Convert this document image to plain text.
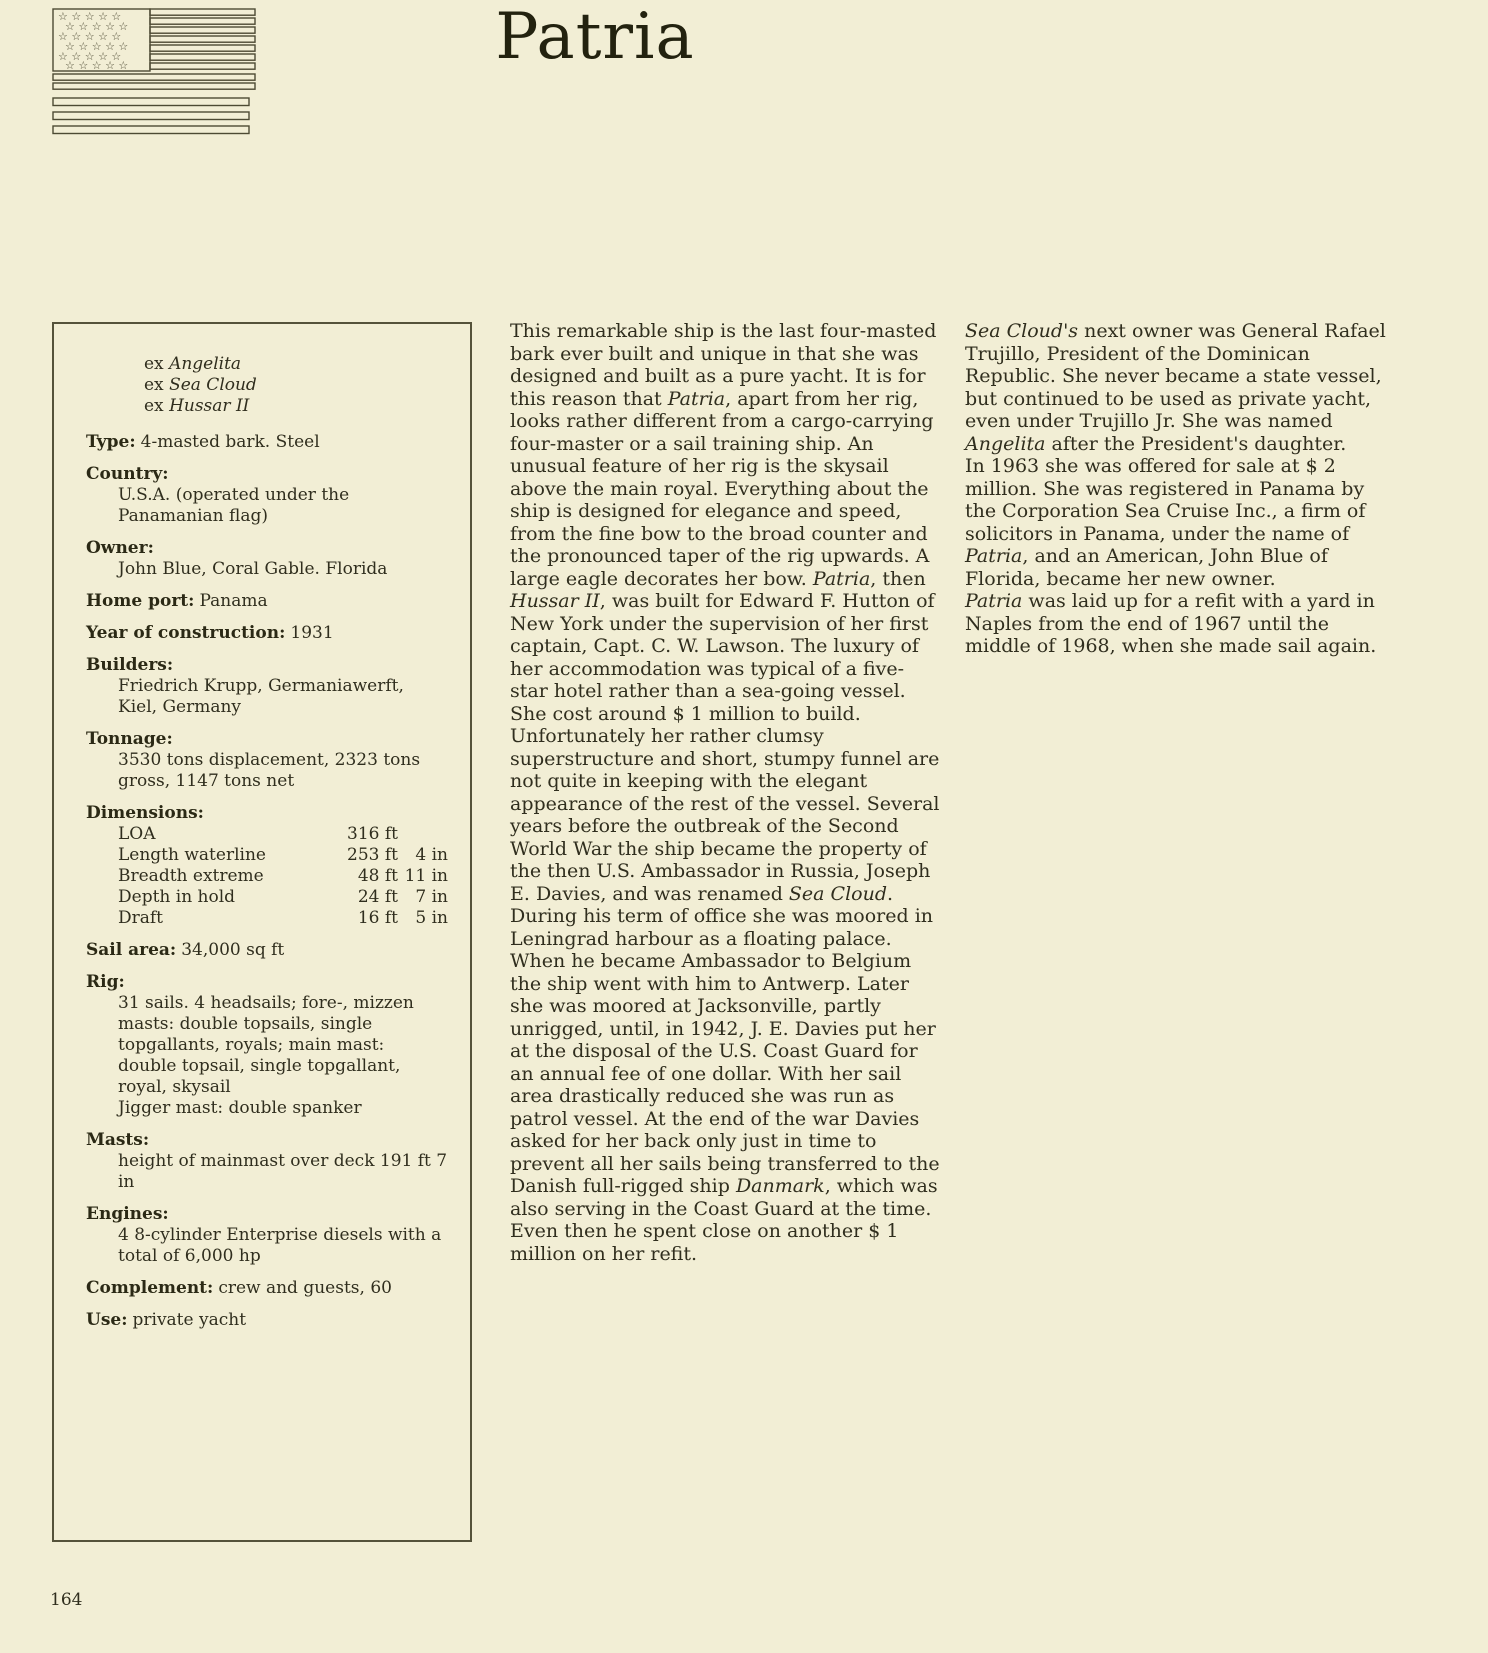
☆ ☆ ☆ ☆ ☆
☆ ☆ ☆ ☆ ☆
☆ ☆ ☆ ☆ ☆
☆ ☆ ☆ ☆ ☆
☆ ☆ ☆ ☆ ☆
☆ ☆ ☆ ☆ ☆	Patria
ex Angelita
ex Sea Cloud
ex Hussar II
Type: 4-masted bark. Steel
Country:
U.S.A. (operated under the Panamanian flag)
Owner:
John Blue, Coral Gable. Florida
Home port: Panama
Year of construction: 1931
Builders:
Friedrich Krupp, Germaniawerft, Kiel, Germany
Tonnage:
3530 tons displacement, 2323 tons gross, 1147 tons net
Dimensions:
LOA	316 ft
Length waterline	253 ft	4 in
Breadth extreme	48 ft 11 in
Depth in hold	24 ft	7 in
Draft	16 ft	5 in
Sail area: 34,000 sq ft
Rig:
31 sails. 4 headsails; fore-, mizzen masts: double topsails, single topgallants, royals; main mast: double topsail, single topgallant, royal, skysail
Jigger mast: double spanker
Masts:
height of mainmast over deck 191 ft 7 in
Engines:
4 8-cylinder Enterprise diesels with a total of 6,000 hp
Complement: crew and guests, 60
Use: private yacht

This remarkable ship is the last four-masted bark ever built and unique in that she was designed and built as a pure yacht. It is for this reason that Patria, apart from her rig, looks rather different from a cargo-carrying four-master or a sail training ship. An unusual feature of her rig is the skysail above the main royal. Everything about the ship is designed for elegance and speed, from the fine bow to the broad counter and the pronounced taper of the rig upwards. A large eagle decorates her bow. Patria, then Hussar II, was built for Edward F. Hutton of New York under the supervision of her first captain, Capt. C. W. Lawson. The luxury of her accommodation was typical of a five-star hotel rather than a sea-going vessel. She cost around $ 1 million to build. Unfortunately her rather clumsy superstructure and short, stumpy funnel are not quite in keeping with the elegant appearance of the rest of the vessel. Several years before the outbreak of the Second World War the ship became the property of the then U.S. Ambassador in Russia, Joseph E. Davies, and was renamed Sea Cloud. During his term of office she was moored in Leningrad harbour as a floating palace. When he became Ambassador to Belgium the ship went with him to Antwerp. Later she was moored at Jacksonville, partly unrigged, until, in 1942, J. E. Davies put her at the disposal of the U.S. Coast Guard for an annual fee of one dollar. With her sail area drastically reduced she was run as patrol vessel. At the end of the war Davies asked for her back only just in time to prevent all her sails being transferred to the Danish full-rigged ship Danmark, which was also serving in the Coast Guard at the time. Even then he spent close on another $ 1 million on her refit.

Sea Cloud's next owner was General Rafael Trujillo, President of the Dominican Republic. She never became a state vessel, but continued to be used as private yacht, even under Trujillo Jr. She was named Angelita after the President's daughter.

In 1963 she was offered for sale at $ 2 million. She was registered in Panama by the Corporation Sea Cruise Inc., a firm of solicitors in Panama, under the name of Patria, and an American, John Blue of Florida, became her new owner.

Patria was laid up for a refit with a yard in Naples from the end of 1967 until the middle of 1968, when she made sail again.

164
